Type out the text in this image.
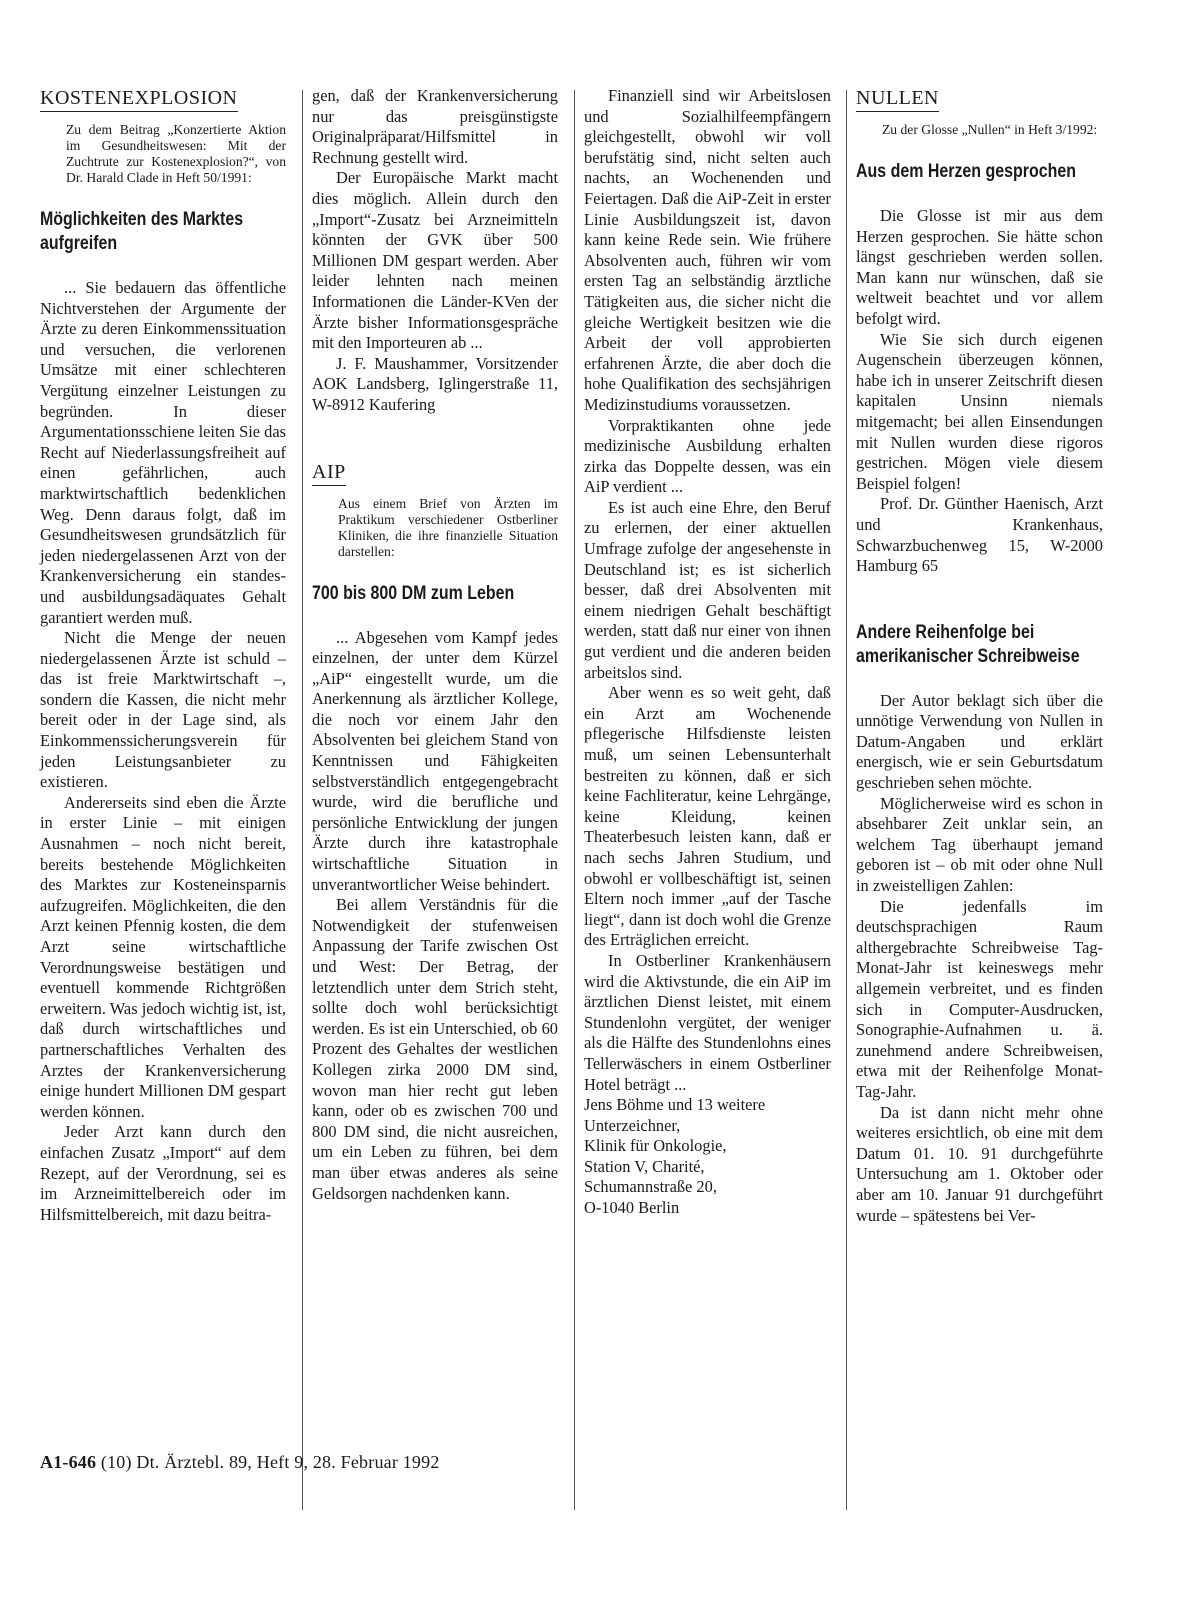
KOSTENEXPLOSION
Zu dem Beitrag „Konzertierte Aktion im Gesundheitswesen: Mit der Zuchtrute zur Kostenexplosion?“, von Dr. Harald Clade in Heft 50/1991:
Möglichkeiten des Marktes aufgreifen

... Sie bedauern das öffentliche Nichtverstehen der Argumente der Ärzte zu deren Einkommenssituation und versuchen, die verlorenen Umsätze mit einer schlechteren Vergütung einzelner Leistungen zu begründen. In dieser Argumentationsschiene leiten Sie das Recht auf Niederlassungsfreiheit auf einen gefährlichen, auch marktwirtschaftlich bedenklichen Weg. Denn daraus folgt, daß im Gesundheitswesen grundsätzlich für jeden niedergelassenen Arzt von der Krankenversicherung ein standes- und ausbildungsadäquates Gehalt garantiert werden muß.

Nicht die Menge der neuen niedergelassenen Ärzte ist schuld – das ist freie Marktwirtschaft –, sondern die Kassen, die nicht mehr bereit oder in der Lage sind, als Einkommenssicherungsverein für jeden Leistungsanbieter zu existieren.

Andererseits sind eben die Ärzte in erster Linie – mit einigen Ausnahmen – noch nicht bereit, bereits bestehende Möglichkeiten des Marktes zur Kosteneinsparnis aufzugreifen. Möglichkeiten, die den Arzt keinen Pfennig kosten, die dem Arzt seine wirtschaftliche Verordnungsweise bestätigen und eventuell kommende Richtgrößen erweitern. Was jedoch wichtig ist, ist, daß durch wirtschaftliches und partnerschaftliches Verhalten des Arztes der Krankenversicherung einige hundert Millionen DM gespart werden können.

Jeder Arzt kann durch den einfachen Zusatz „Import“ auf dem Rezept, auf der Verordnung, sei es im Arzneimittelbereich oder im Hilfsmittelbereich, mit dazu beitra-

gen, daß der Krankenversicherung nur das preisgünstigste Originalpräparat/Hilfsmittel in Rechnung gestellt wird.

Der Europäische Markt macht dies möglich. Allein durch den „Import“-Zusatz bei Arzneimitteln könnten der GVK über 500 Millionen DM gespart werden. Aber leider lehnten nach meinen Informationen die Länder-KVen der Ärzte bisher Informationsgespräche mit den Importeuren ab ...

J. F. Maushammer, Vorsitzender AOK Landsberg, Iglingerstraße 11, W-8912 Kaufering

AIP
Aus einem Brief von Ärzten im Praktikum verschiedener Ostberliner Kliniken, die ihre finanzielle Situation darstellen:
700 bis 800 DM zum Leben

... Abgesehen vom Kampf jedes einzelnen, der unter dem Kürzel „AiP“ eingestellt wurde, um die Anerkennung als ärztlicher Kollege, die noch vor einem Jahr den Absolventen bei gleichem Stand von Kenntnissen und Fähigkeiten selbstverständlich entgegengebracht wurde, wird die berufliche und persönliche Entwicklung der jungen Ärzte durch ihre katastrophale wirtschaftliche Situation in unverantwortlicher Weise behindert.

Bei allem Verständnis für die Notwendigkeit der stufenweisen Anpassung der Tarife zwischen Ost und West: Der Betrag, der letztendlich unter dem Strich steht, sollte doch wohl berücksichtigt werden. Es ist ein Unterschied, ob 60 Prozent des Gehaltes der westlichen Kollegen zirka 2000 DM sind, wovon man hier recht gut leben kann, oder ob es zwischen 700 und 800 DM sind, die nicht ausreichen, um ein Leben zu führen, bei dem man über etwas anderes als seine Geldsorgen nachdenken kann.

Finanziell sind wir Arbeitslosen und Sozialhilfeempfängern gleichgestellt, obwohl wir voll berufstätig sind, nicht selten auch nachts, an Wochenenden und Feiertagen. Daß die AiP-Zeit in erster Linie Ausbildungszeit ist, davon kann keine Rede sein. Wie frühere Absolventen auch, führen wir vom ersten Tag an selbständig ärztliche Tätigkeiten aus, die sicher nicht die gleiche Wertigkeit besitzen wie die Arbeit der voll approbierten erfahrenen Ärzte, die aber doch die hohe Qualifikation des sechsjährigen Medizinstudiums voraussetzen.

Vorpraktikanten ohne jede medizinische Ausbildung erhalten zirka das Doppelte dessen, was ein AiP verdient ...

Es ist auch eine Ehre, den Beruf zu erlernen, der einer aktuellen Umfrage zufolge der angesehenste in Deutschland ist; es ist sicherlich besser, daß drei Absolventen mit einem niedrigen Gehalt beschäftigt werden, statt daß nur einer von ihnen gut verdient und die anderen beiden arbeitslos sind.

Aber wenn es so weit geht, daß ein Arzt am Wochenende pflegerische Hilfsdienste leisten muß, um seinen Lebensunterhalt bestreiten zu können, daß er sich keine Fachliteratur, keine Lehrgänge, keine Kleidung, keinen Theaterbesuch leisten kann, daß er nach sechs Jahren Studium, und obwohl er vollbeschäftigt ist, seinen Eltern noch immer „auf der Tasche liegt“, dann ist doch wohl die Grenze des Erträglichen erreicht.

In Ostberliner Krankenhäusern wird die Aktivstunde, die ein AiP im ärztlichen Dienst leistet, mit einem Stundenlohn vergütet, der weniger als die Hälfte des Stundenlohns eines Tellerwäschers in einem Ostberliner Hotel beträgt ...

Jens Böhme und 13 weitere
Unterzeichner,
Klinik für Onkologie,
Station V, Charité,
Schumannstraße 20,
O-1040 Berlin
NULLEN
Zu der Glosse „Nullen“ in Heft 3/1992:
Aus dem Herzen gesprochen

Die Glosse ist mir aus dem Herzen gesprochen. Sie hätte schon längst geschrieben werden sollen. Man kann nur wünschen, daß sie weltweit beachtet und vor allem befolgt wird.

Wie Sie sich durch eigenen Augenschein überzeugen können, habe ich in unserer Zeitschrift diesen kapitalen Unsinn niemals mitgemacht; bei allen Einsendungen mit Nullen wurden diese rigoros gestrichen. Mögen viele diesem Beispiel folgen!

Prof. Dr. Günther Haenisch, Arzt und Krankenhaus, Schwarzbuchenweg 15, W-2000 Hamburg 65

Andere Reihenfolge bei amerikanischer Schreibweise

Der Autor beklagt sich über die unnötige Verwendung von Nullen in Datum-Angaben und erklärt energisch, wie er sein Geburtsdatum geschrieben sehen möchte.

Möglicherweise wird es schon in absehbarer Zeit unklar sein, an welchem Tag überhaupt jemand geboren ist – ob mit oder ohne Null in zweistelligen Zahlen:

Die jedenfalls im deutschsprachigen Raum althergebrachte Schreibweise Tag-Monat-Jahr ist keineswegs mehr allgemein verbreitet, und es finden sich in Computer-Ausdrucken, Sonographie-Aufnahmen u. ä. zunehmend andere Schreibweisen, etwa mit der Reihenfolge Monat-Tag-Jahr.

Da ist dann nicht mehr ohne weiteres ersichtlich, ob eine mit dem Datum 01. 10. 91 durchgeführte Untersuchung am 1. Oktober oder aber am 10. Januar 91 durchgeführt wurde – spätestens bei Ver-

A1-646 (10) Dt. Ärztebl. 89, Heft 9, 28. Februar 1992
